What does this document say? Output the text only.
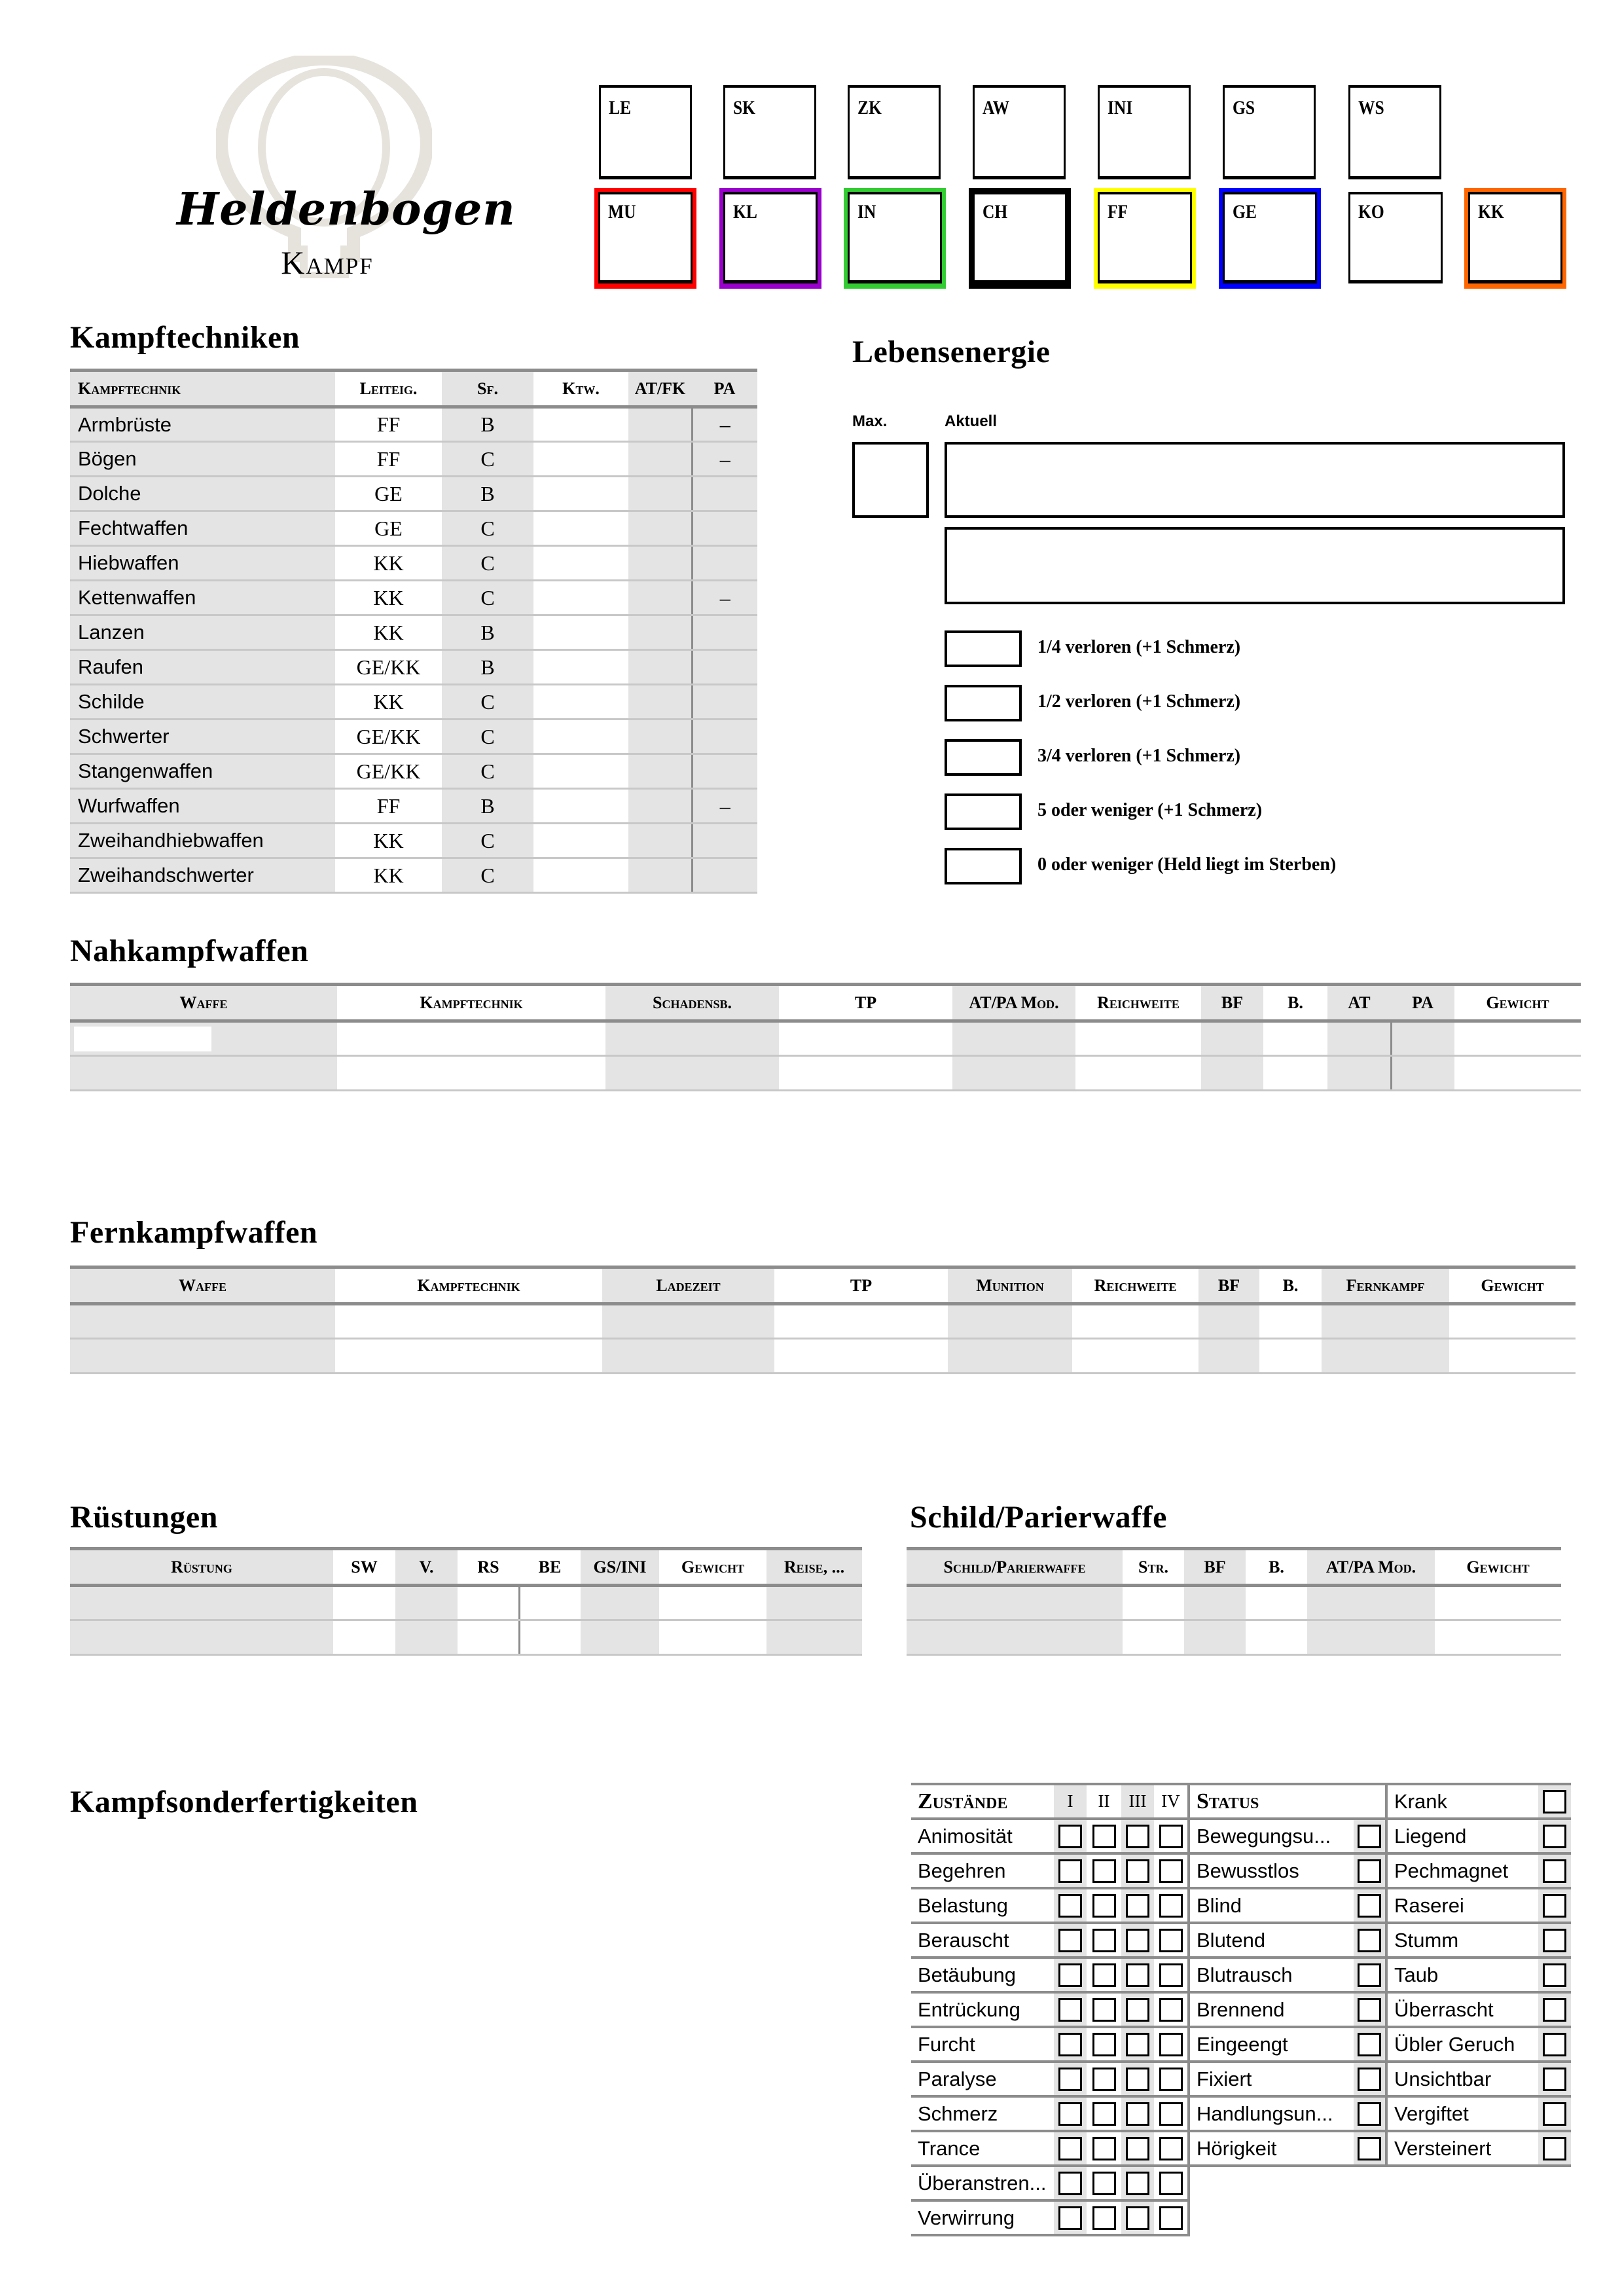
Heldenbogen
Kampf
LE	SK	ZK	AW	INI	GS	WS
MU	KL	IN	CH	FF	GE	KO	KK
Kampftechniken
Kampftechnik	Leiteig.	Sf.	Ktw.	AT/FK	PA
Armbrüste	FF	B			–
Bögen	FF	C			–
Dolche	GE	B			
Fechtwaffen	GE	C			
Hiebwaffen	KK	C			
Kettenwaffen	KK	C			–
Lanzen	KK	B			
Raufen	GE/KK	B			
Schilde	KK	C			
Schwerter	GE/KK	C			
Stangenwaffen	GE/KK	C			
Wurfwaffen	FF	B			–
Zweihandhiebwaffen	KK	C			
Zweihandschwerter	KK	C			
Lebensenergie
Max.	Aktuell
1/4 verloren (+1 Schmerz)
1/2 verloren (+1 Schmerz)
3/4 verloren (+1 Schmerz)
5 oder weniger (+1 Schmerz)
0 oder weniger (Held liegt im Sterben)
Nahkampfwaffen
Waffe	Kampftechnik	Schadensb.	TP	AT/PA Mod.	Reichweite	BF	B.	AT	PA	Gewicht

Fernkampfwaffen
Waffe	Kampftechnik	Ladezeit	TP	Munition	Reichweite	BF	B.	Fernkampf	Gewicht

Rüstungen
Rüstung	SW	V.	RS	BE	GS/INI	Gewicht	Reise, ...

Schild/Parierwaffe
Schild/Parierwaffe	Str.	BF	B.	AT/PA Mod.	Gewicht

Kampfsonderfertigkeiten	Zustände	I	II	III	IV	Status		Krank	

Animosität					Bewegungsu...		Liegend	

Begehren					Bewusstlos		Pechmagnet	

Belastung					Blind		Raserei	

Berauscht					Blutend		Stumm	

Betäubung					Blutrausch		Taub	

Entrückung					Brennend		Überrascht	

Furcht					Eingeengt		Übler Geruch	

Paralyse					Fixiert		Unsichtbar	

Schmerz					Handlungsun...		Vergiftet	

Trance					Hörigkeit		Versteinert	

Überanstren...	

Verwirrung	
